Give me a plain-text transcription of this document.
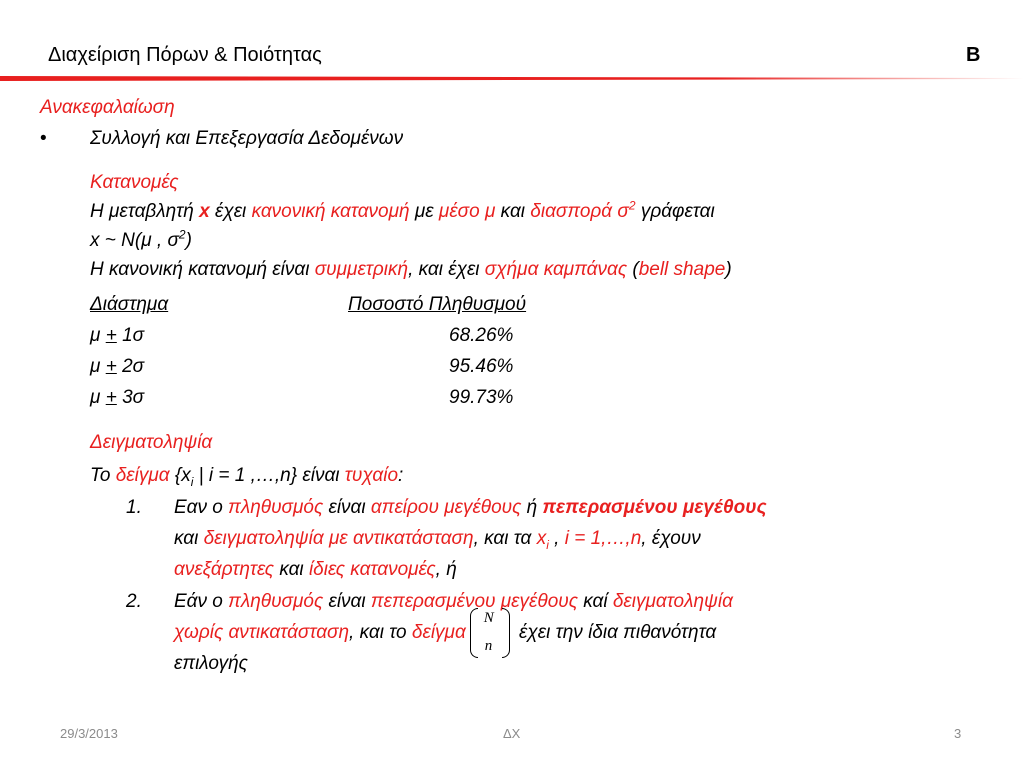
Διαχείριση Πόρων & Ποιότητας	B
Ανακεφαλαίωση
• Συλλογή και Επεξεργασία Δεδομένων
Κατανομές
Η μεταβλητή x έχει κανονική κατανομή με μέσο μ και διασπορά $\sigma^2$ γράφεται
x ~ N(μ , $\sigma^2$)
Η κανονική κατανομή είναι συμμετρική, και έχει σχήμα καμπάνας (bell shape)
Διάστημα	Ποσοστό Πληθυσμού
μ + 1σ	68.26%
μ + 2σ	95.46%
μ + 3σ	99.73%
Δειγματοληψία
Το δείγμα {$x_i$ | i = 1 ,…,n} είναι τυχαίο:
1. Εαν ο πληθυσμός είναι απείρου μεγέθους ή πεπερασμένου μεγέθους
και δειγματοληψία με αντικατάσταση, και τα $x_i$ , i = 1,…,n, έχουν
ανεξάρτητες και ίδιες κατανομές, ή
2. Εάν ο πληθυσμός είναι πεπερασμένου μεγέθους καί δειγματοληψία
χωρίς αντικατάσταση, και το δείγμα
N
n
έχει την ίδια πιθανότητα
επιλογής
29/3/2013	ΔΧ	3
